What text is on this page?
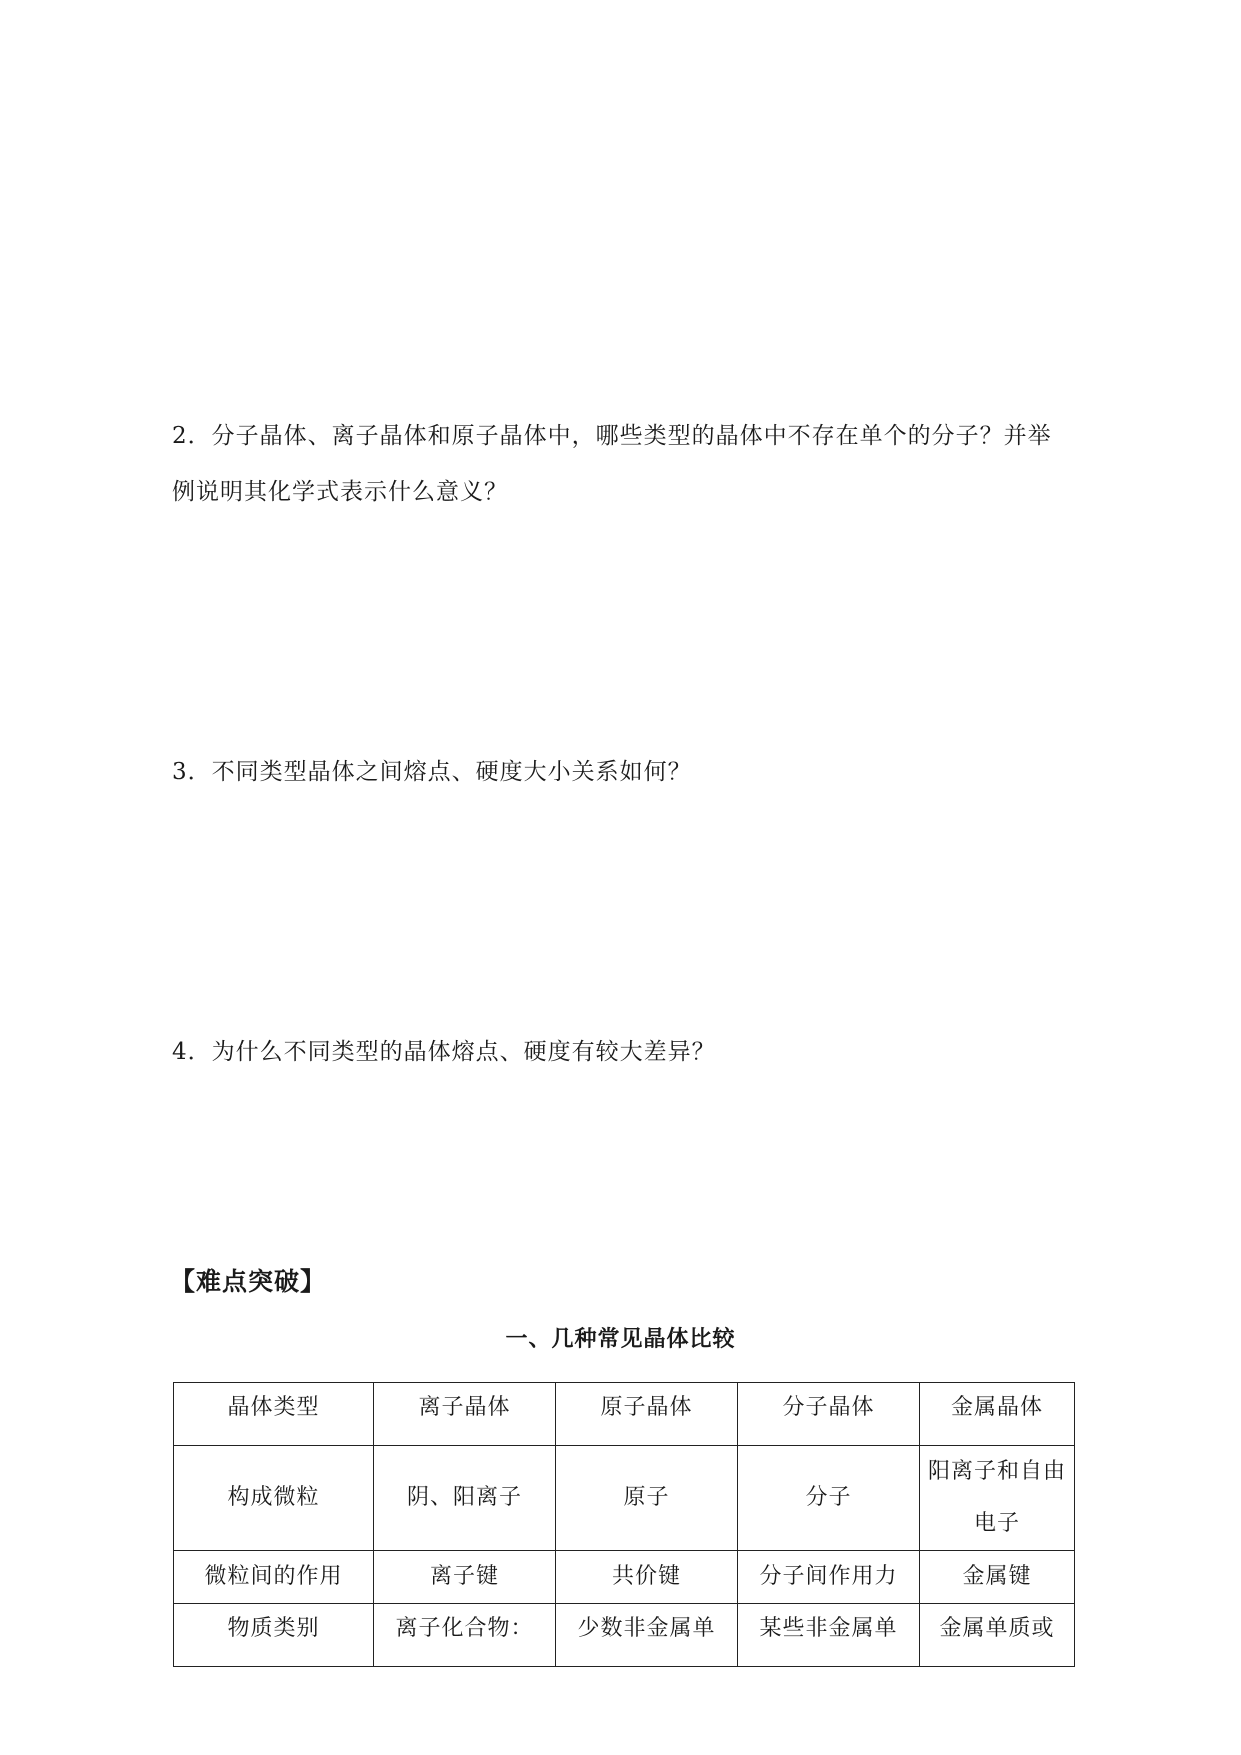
2．分子晶体、离子晶体和原子晶体中，哪些类型的晶体中不存在单个的分子？并举例说明其化学式表示什么意义？

3．不同类型晶体之间熔点、硬度大小关系如何？

4．为什么不同类型的晶体熔点、硬度有较大差异？

【难点突破】
一、几种常见晶体比较
晶体类型	离子晶体	原子晶体	分子晶体	金属晶体
构成微粒	阴、阳离子	原子	分子	阳离子和自由电子
微粒间的作用	离子键	共价键	分子间作用力	金属键
物质类别	离子化合物：	少数非金属单	某些非金属单	金属单质或
